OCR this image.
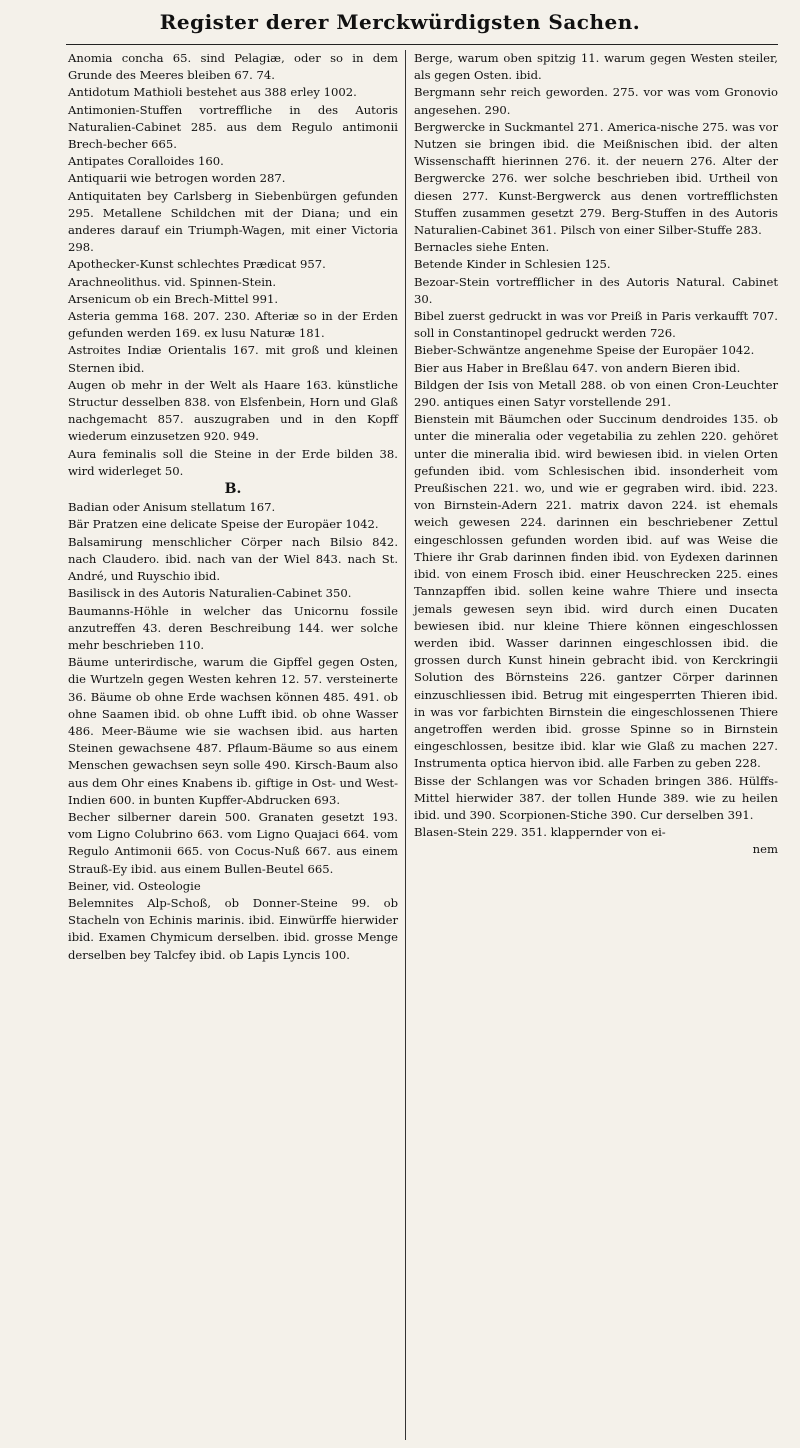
Register derer Merckwürdigsten Sachen.

Anomia concha 65. sind Pelagiæ, oder so in dem Grunde des Meeres bleiben 67. 74.

Antidotum Mathioli bestehet aus 388 erley 1002.

Antimonien-Stuffen vortreffliche in des Autoris Naturalien-Cabinet 285. aus dem Regulo antimonii Brech-becher 665.

Antipates Coralloides 160.

Antiquarii wie betrogen worden 287.

Antiquitaten bey Carlsberg in Siebenbürgen gefunden 295. Metallene Schildchen mit der Diana; und ein anderes darauf ein Triumph-Wagen, mit einer Victoria 298.

Apothecker-Kunst schlechtes Prædicat 957.

Arachneolithus. vid. Spinnen-Stein.

Arsenicum ob ein Brech-Mittel 991.

Asteria gemma 168. 207. 230. Afteriæ so in der Erden gefunden werden 169. ex lusu Naturæ 181.

Astroites Indiæ Orientalis 167. mit groß und kleinen Sternen ibid.

Augen ob mehr in der Welt als Haare 163. künstliche Structur desselben 838. von Elsfenbein, Horn und Glaß nachgemacht 857. auszugraben und in den Kopff wiederum einzusetzen 920. 949.

Aura feminalis soll die Steine in der Erde bilden 38. wird widerleget 50.

B.

Badian oder Anisum stellatum 167.

Bär Pratzen eine delicate Speise der Europäer 1042.

Balsamirung menschlicher Cörper nach Bilsio 842. nach Claudero. ibid. nach van der Wiel 843. nach St. André, und Ruyschio ibid.

Basilisck in des Autoris Naturalien-Cabinet 350.

Baumanns-Höhle in welcher das Unicornu fossile anzutreffen 43. deren Beschreibung 144. wer solche mehr beschrieben 110.

Bäume unterirdische, warum die Gipffel gegen Osten, die Wurtzeln gegen Westen kehren 12. 57. versteinerte 36. Bäume ob ohne Erde wachsen können 485. 491. ob ohne Saamen ibid. ob ohne Lufft ibid. ob ohne Wasser 486. Meer-Bäume wie sie wachsen ibid. aus harten Steinen gewachsene 487. Pflaum-Bäume so aus einem Menschen gewachsen seyn solle 490. Kirsch-Baum also aus dem Ohr eines Knabens ib. giftige in Ost- und West-Indien 600. in bunten Kupffer-Abdrucken 693.

Becher silberner darein 500. Granaten gesetzt 193. vom Ligno Colubrino 663. vom Ligno Quajaci 664. vom Regulo Antimonii 665. von Cocus-Nuß 667. aus einem Strauß-Ey ibid. aus einem Bullen-Beutel 665.

Beiner, vid. Osteologie

Belemnites Alp-Schoß, ob Donner-Steine 99. ob Stacheln von Echinis marinis. ibid. Einwürffe hierwider ibid. Examen Chymicum derselben. ibid. grosse Menge derselben bey Talcfey ibid. ob Lapis Lyncis 100.

Berge, warum oben spitzig 11. warum gegen Westen steiler, als gegen Osten. ibid.

Bergmann sehr reich geworden. 275. vor was vom Gronovio angesehen. 290.

Bergwercke in Suckmantel 271. America-nische 275. was vor Nutzen sie bringen ibid. die Meißnischen ibid. der alten Wissenschafft hierinnen 276. it. der neuern 276. Alter der Bergwercke 276. wer solche beschrieben ibid. Urtheil von diesen 277. Kunst-Bergwerck aus denen vortrefflichsten Stuffen zusammen gesetzt 279. Berg-Stuffen in des Autoris Naturalien-Cabinet 361. Pilsch von einer Silber-Stuffe 283.

Bernacles siehe Enten.

Betende Kinder in Schlesien 125.

Bezoar-Stein vortrefflicher in des Autoris Natural. Cabinet 30.

Bibel zuerst gedruckt in was vor Preiß in Paris verkaufft 707. soll in Constantinopel gedruckt werden 726.

Bieber-Schwäntze angenehme Speise der Europäer 1042.

Bier aus Haber in Breßlau 647. von andern Bieren ibid.

Bildgen der Isis von Metall 288. ob von einen Cron-Leuchter 290. antiques einen Satyr vorstellende 291.

Bienstein mit Bäumchen oder Succinum dendroides 135. ob unter die mineralia oder vegetabilia zu zehlen 220. gehöret unter die mineralia ibid. wird bewiesen ibid. in vielen Orten gefunden ibid. vom Schlesischen ibid. insonderheit vom Preußischen 221. wo, und wie er gegraben wird. ibid. 223. von Birnstein-Adern 221. matrix davon 224. ist ehemals weich gewesen 224. darinnen ein beschriebener Zettul eingeschlossen gefunden worden ibid. auf was Weise die Thiere ihr Grab darinnen finden ibid. von Eydexen darinnen ibid. von einem Frosch ibid. einer Heuschrecken 225. eines Tannzapffen ibid. sollen keine wahre Thiere und insecta jemals gewesen seyn ibid. wird durch einen Ducaten bewiesen ibid. nur kleine Thiere können eingeschlossen werden ibid. Wasser darinnen eingeschlossen ibid. die grossen durch Kunst hinein gebracht ibid. von Kerckringii Solution des Börnsteins 226. gantzer Cörper darinnen einzuschliessen ibid. Betrug mit eingesperrten Thieren ibid. in was vor farbichten Birnstein die eingeschlossenen Thiere angetroffen werden ibid. grosse Spinne so in Birnstein eingeschlossen, besitze ibid. klar wie Glaß zu machen 227. Instrumenta optica hiervon ibid. alle Farben zu geben 228.

Bisse der Schlangen was vor Schaden bringen 386. Hülffs-Mittel hierwider 387. der tollen Hunde 389. wie zu heilen ibid. und 390. Scorpionen-Stiche 390. Cur derselben 391.

Blasen-Stein 229. 351. klappernder von ei-

nem
